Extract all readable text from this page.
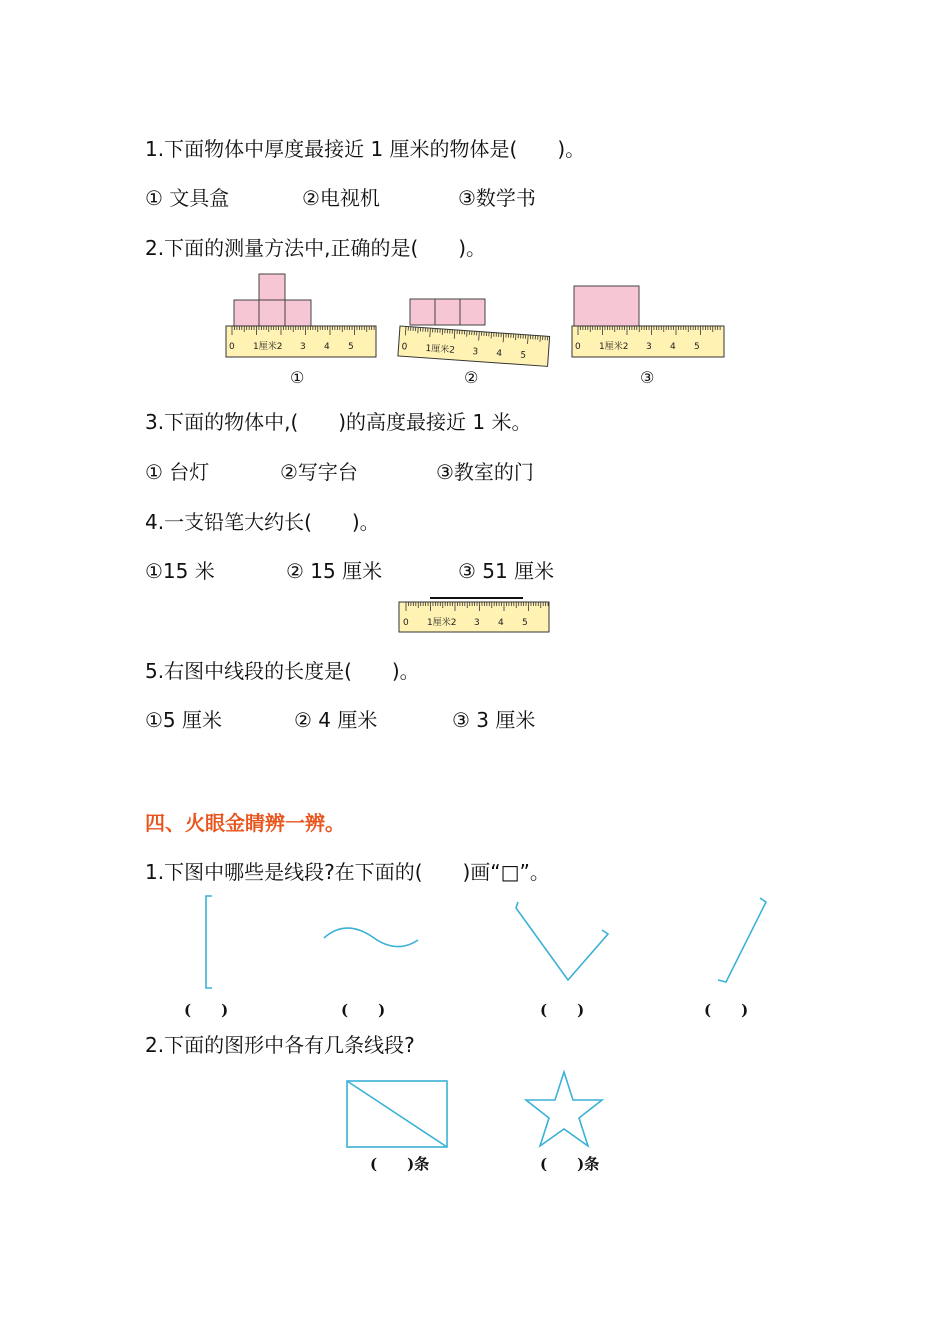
1.下面物体中厚度最接近 1 厘米的物体是(　　)。
① 文具盒	②电视机	③数学书
2.下面的测量方法中,正确的是(　　)。
0 1厘米2 3 4 5	0 1厘米2 3 4 5
0 1厘米2 3 4 5
①	②	③
3.下面的物体中,(　　)的高度最接近 1 米。
① 台灯	②写字台	③教室的门
4.一支铅笔大约长(　　)。
①15 米	② 15 厘米	③ 51 厘米
0 1厘米2 3 4 5
5.右图中线段的长度是(　　)。
①5 厘米	② 4 厘米	③ 3 厘米
四、火眼金睛辨一辨。
1.下图中哪些是线段?在下面的(　　)画“□”。
(　　)	(　　)	(　　)	(　　)
2.下面的图形中各有几条线段?
(　　)条	(　　)条
